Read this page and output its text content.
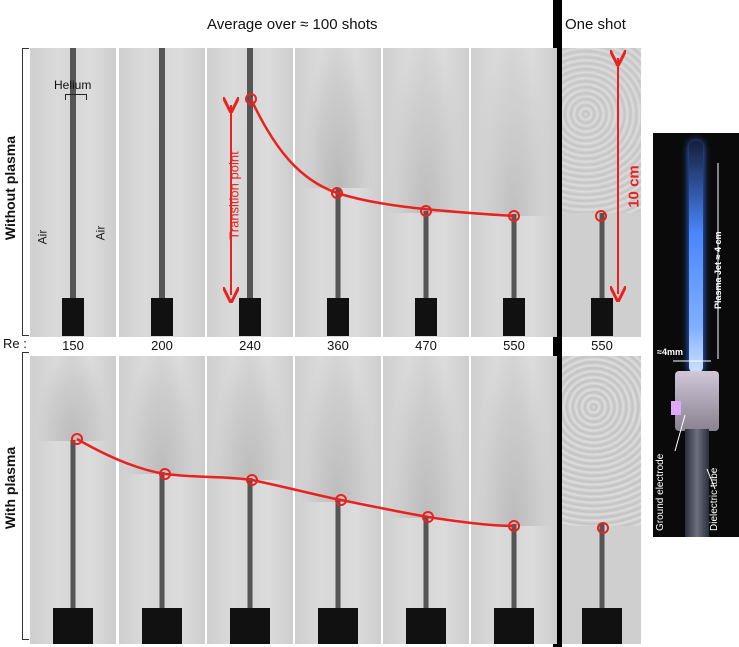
Average over ≈ 100 shots	One shot
Without plasma
With plasma
Re :	150	200	240	360	470	550	550
Helium
Air	Air	Transition point	10 cm
Plasma Jet ≈ 4 cm
≈4mm
Ground electrode	Dielectric tube
